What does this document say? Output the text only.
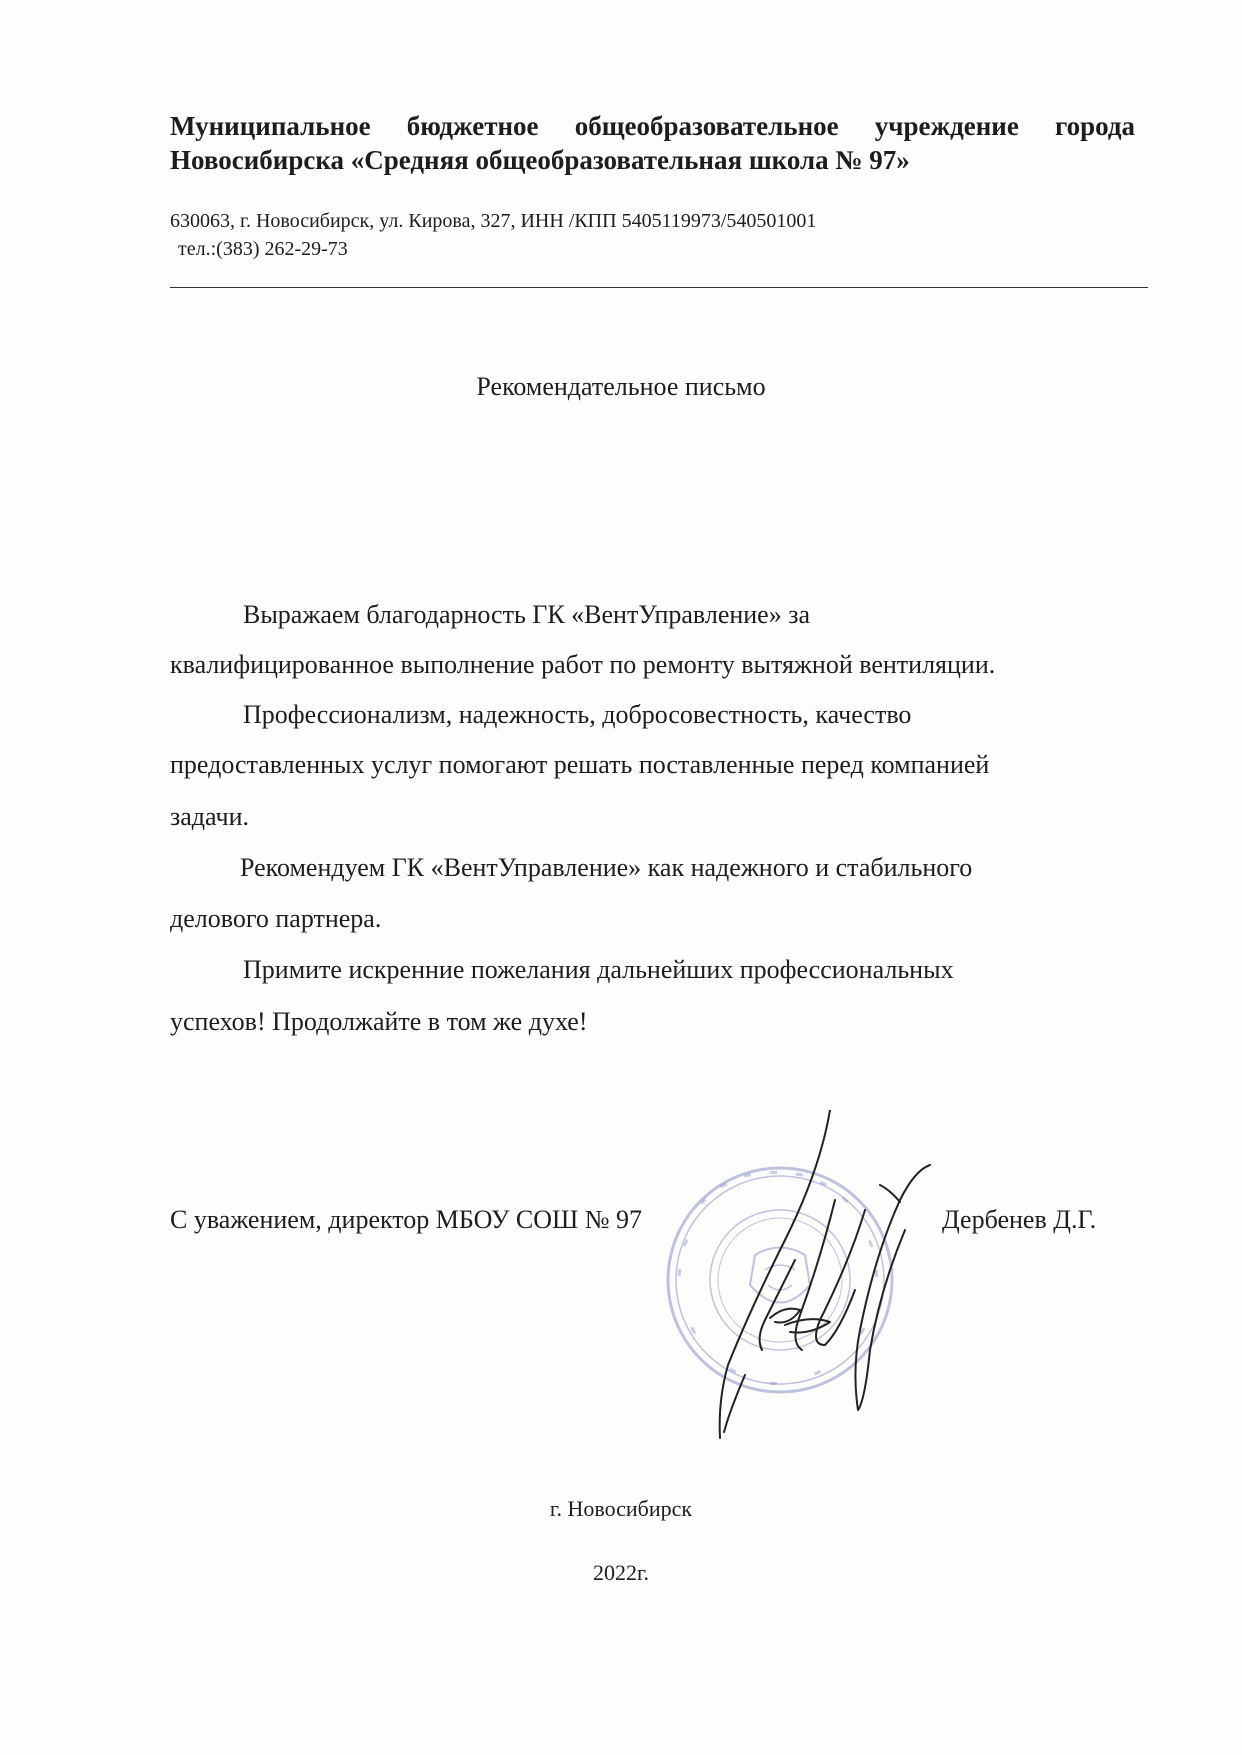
Муниципальное бюджетное общеобразовательное учреждение города

Новосибирска «Средняя общеобразовательная школа № 97»

630063, г. Новосибирск, ул. Кирова, 327, ИНН /КПП 5405119973/540501001

тел.:(383) 262-29-73

Рекомендательное письмо

Выражаем благодарность ГК «ВентУправление» за

квалифицированное выполнение работ по ремонту вытяжной вентиляции.

Профессионализм, надежность, добросовестность, качество

предоставленных услуг помогают решать поставленные перед компанией

задачи.

Рекомендуем ГК «ВентУправление» как надежного и стабильного

делового партнера.

Примите искренние пожелания дальнейших профессиональных

успехов! Продолжайте в том же духе!

С уважением, директор МБОУ СОШ № 97	Дербенев Д.Г.

г. Новосибирск

2022г.
